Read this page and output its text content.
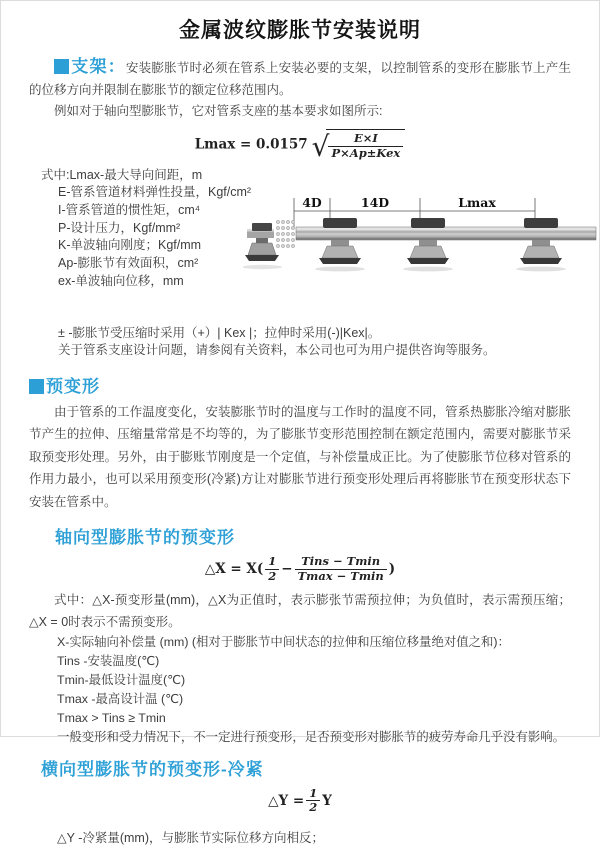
金属波纹膨胀节安装说明

支架：安装膨胀节时必须在管系上安装必要的支架，以控制管系的变形在膨胀节上产生的位移方向并限制在膨胀节的额定位移范围内。

例如对于轴向型膨胀节，它对管系支座的基本要求如图所示:

Lmax = 0.0157 √ $\frac{E\times I}{\text{P×Ap±Kex}}$
式中:Lmax-最大导向间距，m
E-管系管道材料弹性投量，Kgf/cm²
I-管系管道的惯性矩，cm⁴
P-设计压力，Kgf/mm²
K-单波轴向刚度；Kgf/mm
Ap-膨胀节有效面积，cm²
ex-单波轴向位移，mm
4D	14D	Lmax
± -膨胀节受压缩时采用（+）| Kex |；拉伸时采用(-)|Kex|。
关于管系支座设计问题，请参阅有关资料，本公司也可为用户提供咨询等服务。
预变形

由于管系的工作温度变化，安装膨胀节时的温度与工作时的温度不同，管系热膨胀冷缩对膨胀节产生的拉伸、压缩量常常是不均等的，为了膨胀节变形范围控制在额定范围内，需要对膨胀节采取预变形处理。另外，由于膨账节刚度是一个定值，与补偿量成正比。为了使膨胀节位移对管系的作用力最小，也可以采用预变形(冷紧)方让对膨胀节进行预变形处理后再将膨胀节在预变形状态下安装在管系中。

轴向型膨胀节的预变形
△X = $X( \frac{1}{2} - \frac{\text{Tins − Tmin}}{Tmax - Tmin}$ )

式中：△X-预变形量(mm)，△X为正值时，表示膨张节需预拉伸；为负值时，表示需预压缩；△X = 0时表示不需预变形。

X-实际轴向补偿量 (mm) (相对于膨胀节中间状态的拉伸和压缩位移量绝对值之和)：
Tins -安装温度(℃)
Tmin-最低设计温度(℃)
Tmax -最高设计温 (℃)
Tmax > Tins ≥ Tmin
一般变形和受力情况下，不一定进行预变形，足否预变形对膨胀节的疲劳寿命几乎没有影响。
横向型膨胀节的预变形-冷紧
△Y = $\frac{1}{2}$ Y
△Y -冷紧量(mm)，与膨胀节实际位移方向相反；
